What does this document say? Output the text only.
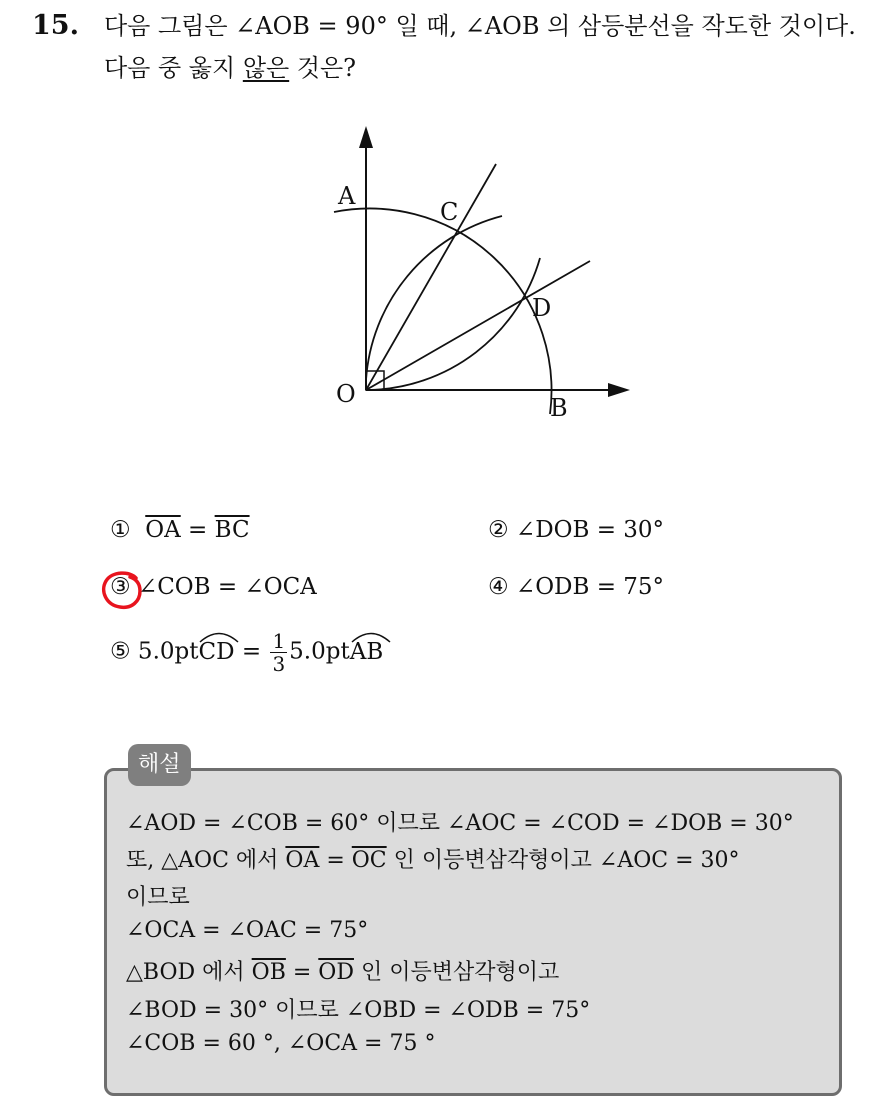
15. 다음 그림은 ∠AOB = 90° 일 때, ∠AOB 의 삼등분선을 작도한 것이다.
다음 중 옳지 않은 것은?
A
C
D
O	B
① $\overline{OA} = \overline{BC}$	② ∠DOB = 30°
③ ∠COB = ∠OCA	④ ∠ODB = 75°
⑤ 5.0pt
CD = $\frac{1}{3} 5.0pt$
AB
해설
∠AOD = ∠COB = 60° 이므로 ∠AOC = ∠COD = ∠DOB = 30°
또, △AOC 에서 $\overline{OA} = \overline{OC}$ 인 이등변삼각형이고 ∠AOC = 30°
이므로
∠OCA = ∠OAC = 75°
△BOD 에서 $\overline{OB} = \overline{OD}$ 인 이등변삼각형이고
∠BOD = 30° 이므로 ∠OBD = ∠ODB = 75°
∠COB = 60 °, ∠OCA = 75 °
